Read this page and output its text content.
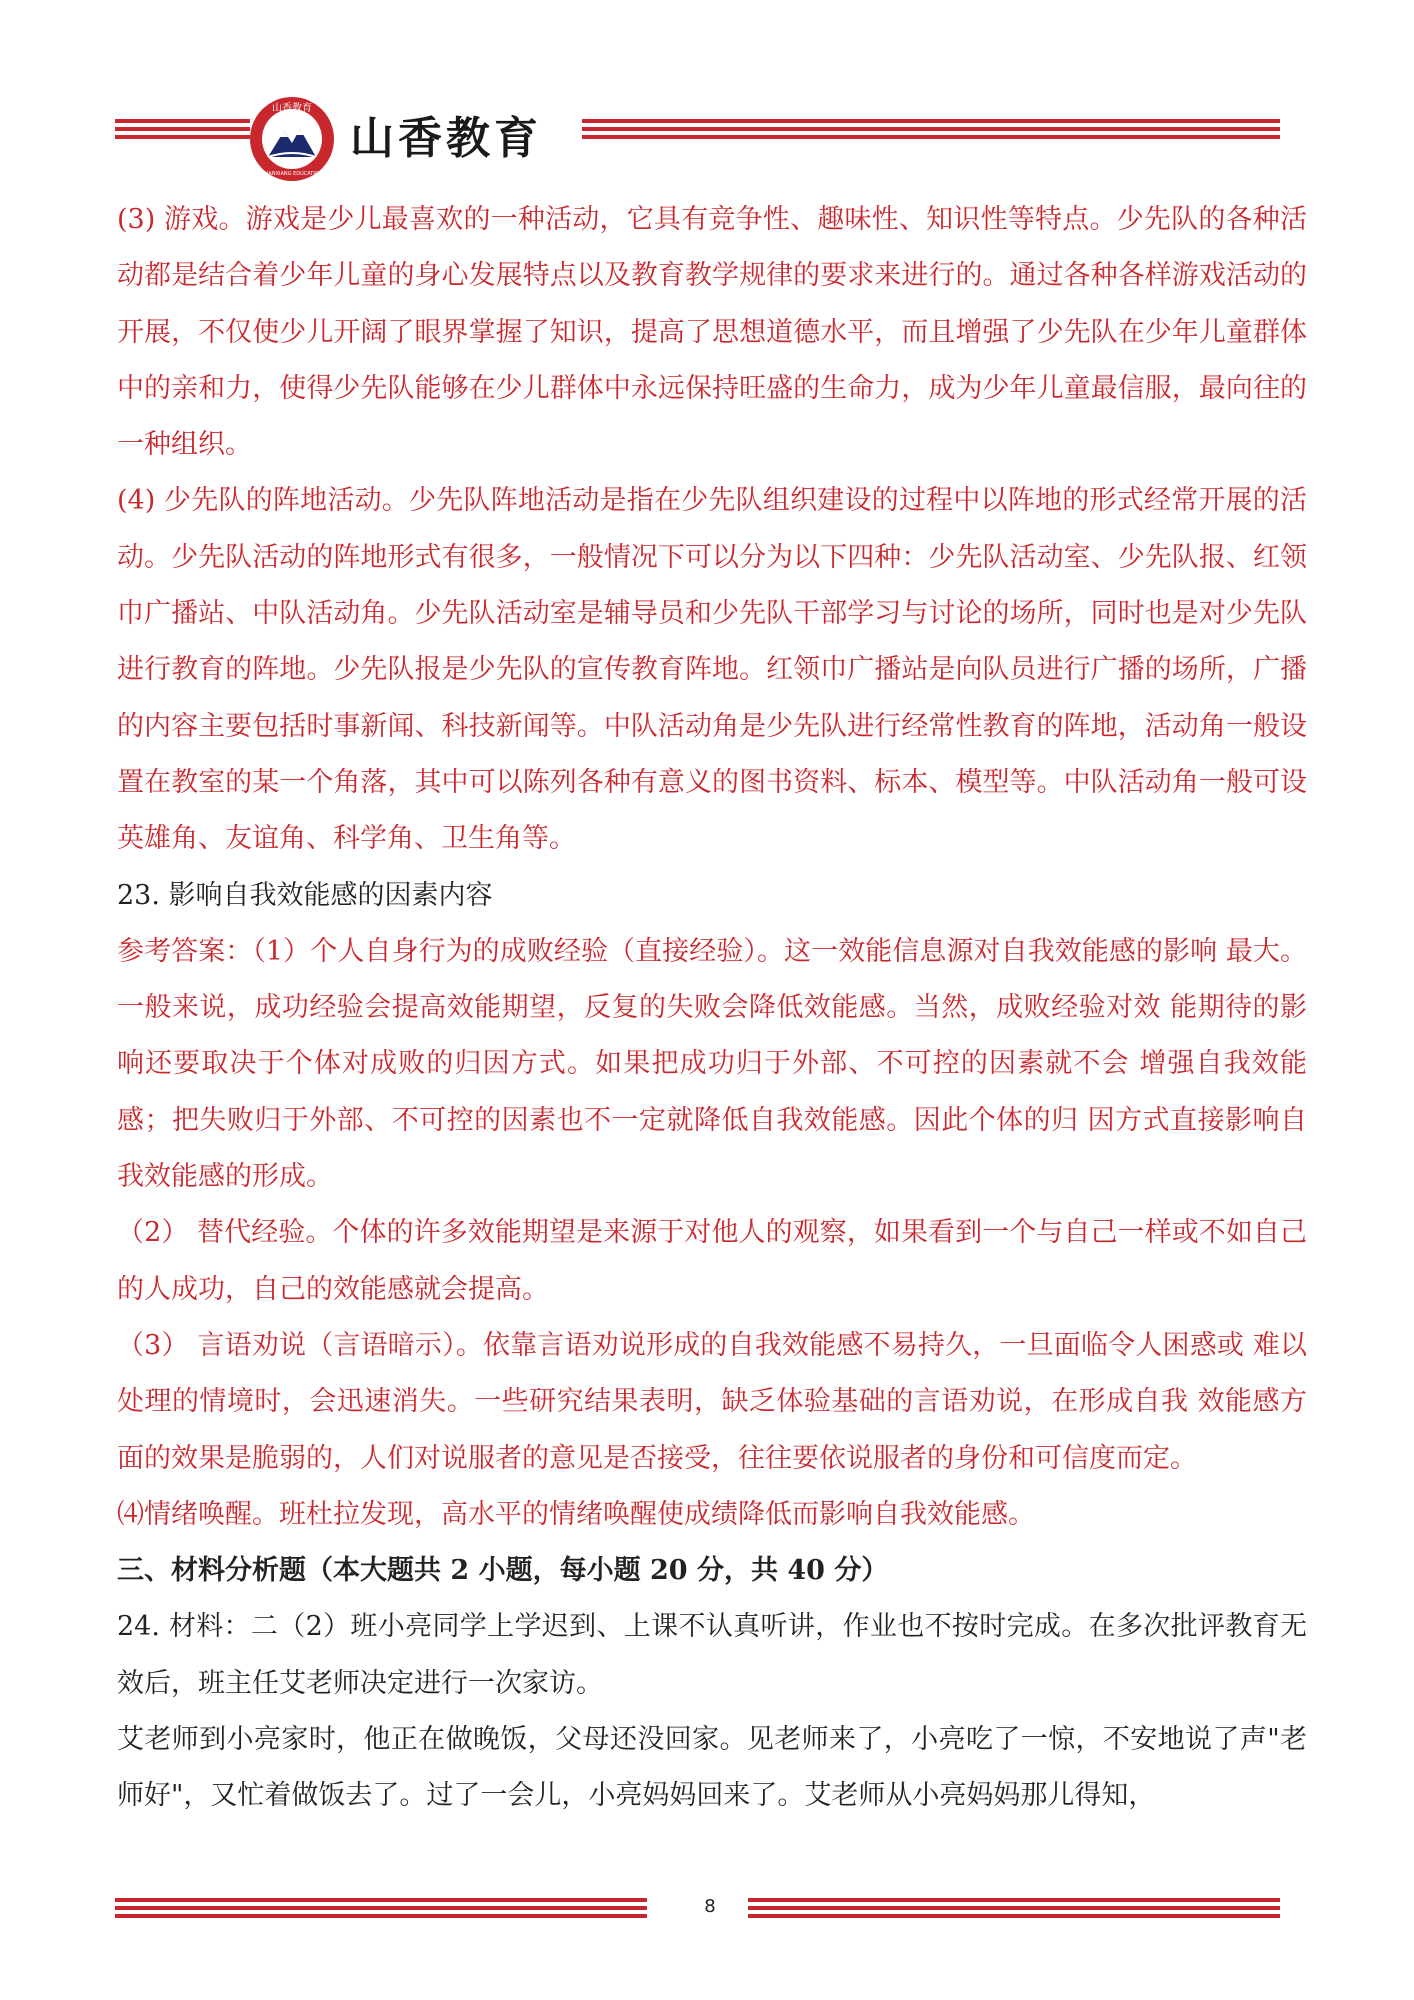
山香教育
SHANXIANG EDUCATION
山香教育

(3) 游戏。游戏是少儿最喜欢的一种活动，它具有竞争性、趣味性、知识性等特点。少先队的各种活动都是结合着少年儿童的身心发展特点以及教育教学规律的要求来进行的。通过各种各样游戏活动的开展，不仅使少儿开阔了眼界掌握了知识，提高了思想道德水平，而且增强了少先队在少年儿童群体中的亲和力，使得少先队能够在少儿群体中永远保持旺盛的生命力，成为少年儿童最信服，最向往的一种组织。

(4) 少先队的阵地活动。少先队阵地活动是指在少先队组织建设的过程中以阵地的形式经常开展的活动。少先队活动的阵地形式有很多，一般情况下可以分为以下四种：少先队活动室、少先队报、红领巾广播站、中队活动角。少先队活动室是辅导员和少先队干部学习与讨论的场所，同时也是对少先队进行教育的阵地。少先队报是少先队的宣传教育阵地。红领巾广播站是向队员进行广播的场所，广播的内容主要包括时事新闻、科技新闻等。中队活动角是少先队进行经常性教育的阵地，活动角一般设置在教室的某一个角落，其中可以陈列各种有意义的图书资料、标本、模型等。中队活动角一般可设英雄角、友谊角、科学角、卫生角等。

23. 影响自我效能感的因素内容

参考答案：（1）个人自身行为的成败经验（直接经验）。这一效能信息源对自我效能感的影响 最大。一般来说，成功经验会提高效能期望，反复的失败会降低效能感。当然，成败经验对效 能期待的影响还要取决于个体对成败的归因方式。如果把成功归于外部、不可控的因素就不会 增强自我效能感；把失败归于外部、不可控的因素也不一定就降低自我效能感。因此个体的归 因方式直接影响自我效能感的形成。

（2） 替代经验。个体的许多效能期望是来源于对他人的观察，如果看到一个与自己一样或不如自己的人成功，自己的效能感就会提高。

（3） 言语劝说（言语暗示）。依靠言语劝说形成的自我效能感不易持久，一旦面临令人困惑或 难以处理的情境时，会迅速消失。一些研究结果表明，缺乏体验基础的言语劝说，在形成自我 效能感方面的效果是脆弱的，人们对说服者的意见是否接受，往往要依说服者的身份和可信度而定。

⑷情绪唤醒。班杜拉发现，高水平的情绪唤醒使成绩降低而影响自我效能感。

三、材料分析题（本大题共 2 小题，每小题 20 分，共 40 分）

24. 材料：二（2）班小亮同学上学迟到、上课不认真听讲，作业也不按时完成。在多次批评教育无效后，班主任艾老师决定进行一次家访。

艾老师到小亮家时，他正在做晚饭，父母还没回家。见老师来了，小亮吃了一惊，不安地说了声"老师好"，又忙着做饭去了。过了一会儿，小亮妈妈回来了。艾老师从小亮妈妈那儿得知，

8
